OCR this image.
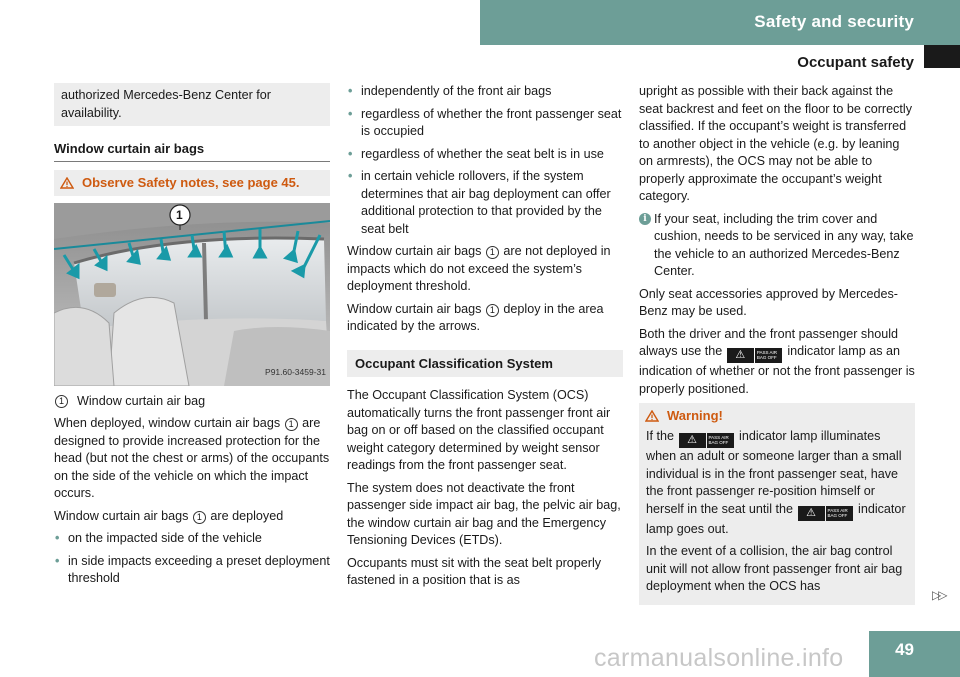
Safety and security
Occupant safety
authorized Mercedes-Benz Center for availability.
Window curtain air bags
Observe Safety notes, see page 45.
1
P91.60-3459-31
1	Window curtain air bag

When deployed, window curtain air bags 1 are designed to provide increased protection for the head (but not the chest or arms) of the occupants on the side of the vehicle on which the impact occurs.

Window curtain air bags 1 are deployed

• on the impacted side of the vehicle
• in side impacts exceeding a preset deployment threshold
• independently of the front air bags
• regardless of whether the front passenger seat is occupied
• regardless of whether the seat belt is in use
• in certain vehicle rollovers, if the system determines that air bag deployment can offer additional protection to that provided by the seat belt

Window curtain air bags 1 are not deployed in impacts which do not exceed the system’s deployment threshold.

Window curtain air bags 1 deploy in the area indicated by the arrows.

Occupant Classification System

The Occupant Classification System (OCS) automatically turns the front passenger front air bag on or off based on the classified occupant weight category determined by weight sensor readings from the front passenger seat.

The system does not deactivate the front passenger side impact air bag, the pelvic air bag, the window curtain air bag and the Emergency Tensioning Devices (ETDs).

Occupants must sit with the seat belt properly fastened in a position that is as

upright as possible with their back against the seat backrest and feet on the floor to be correctly classified. If the occupant’s weight is transferred to another object in the vehicle (e.g. by leaning on armrests), the OCS may not be able to properly approximate the occupant’s weight category.

i If your seat, including the trim cover and cushion, needs to be serviced in any way, take the vehicle to an authorized Mercedes-Benz Center.

Only seat accessories approved by Mercedes-Benz may be used.

Both the driver and the front passenger should always use the	⚠	PASS AIR BAG OFF indicator lamp as an indication of whether or not the front passenger is properly positioned.

Warning!

If the	⚠	PASS AIR BAG OFF indicator lamp illuminates when an adult or someone larger than a small individual is in the front passenger seat, have the front passenger re-position himself or herself in the seat until the	⚠	PASS AIR BAG OFF indicator lamp goes out.

In the event of a collision, the air bag control unit will not allow front passenger front air bag deployment when the OCS has

▷▷
carmanualsonline.info	49
